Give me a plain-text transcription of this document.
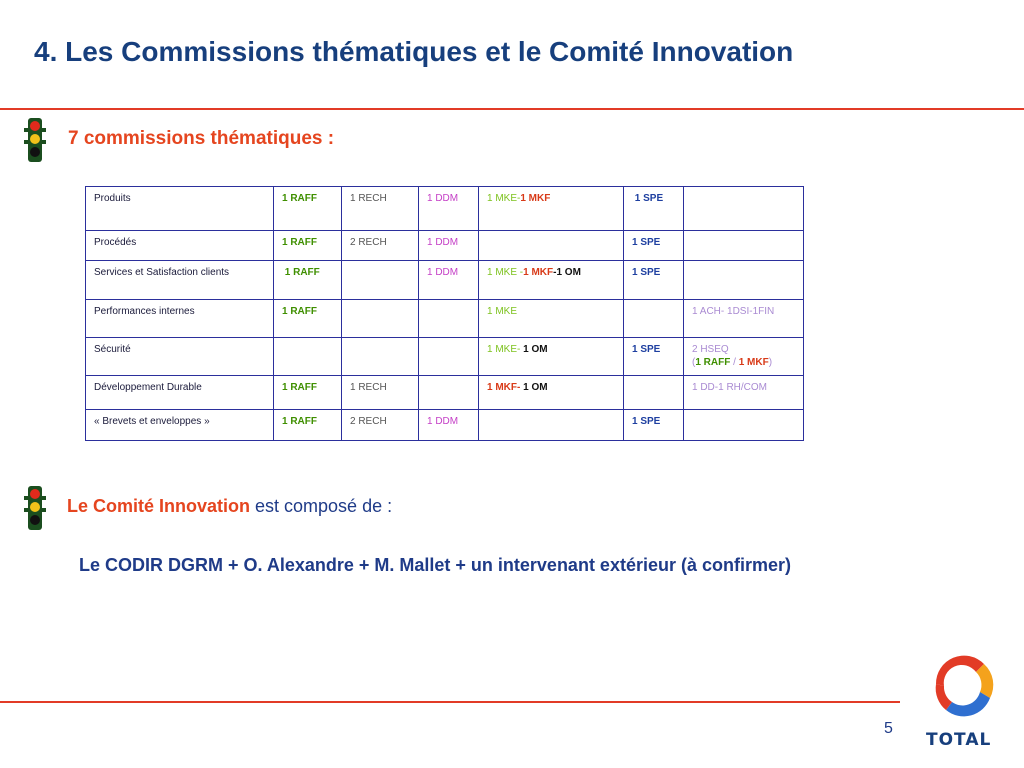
4. Les Commissions thématiques et le Comité Innovation
7 commissions thématiques :
Produits	1 RAFF	1 RECH	1 DDM	1 MKE-1 MKF	1 SPE	
Procédés	1 RAFF	2 RECH	1 DDM		1 SPE	
Services et Satisfaction clients	1 RAFF		1 DDM	1 MKE -1 MKF-1 OM	1 SPE	
Performances internes	1 RAFF			1 MKE		1 ACH- 1DSI-1FIN
Sécurité				1 MKE- 1 OM	1 SPE	2 HSEQ
(1 RAFF / 1 MKF)
Développement Durable	1 RAFF	1 RECH		1 MKF- 1 OM		1 DD-1 RH/COM
« Brevets et enveloppes »	1 RAFF	2 RECH	1 DDM		1 SPE	
Le Comité Innovation est composé de :
Le CODIR DGRM + O. Alexandre + M. Mallet + un intervenant extérieur (à confirmer)
5
TOTAL
